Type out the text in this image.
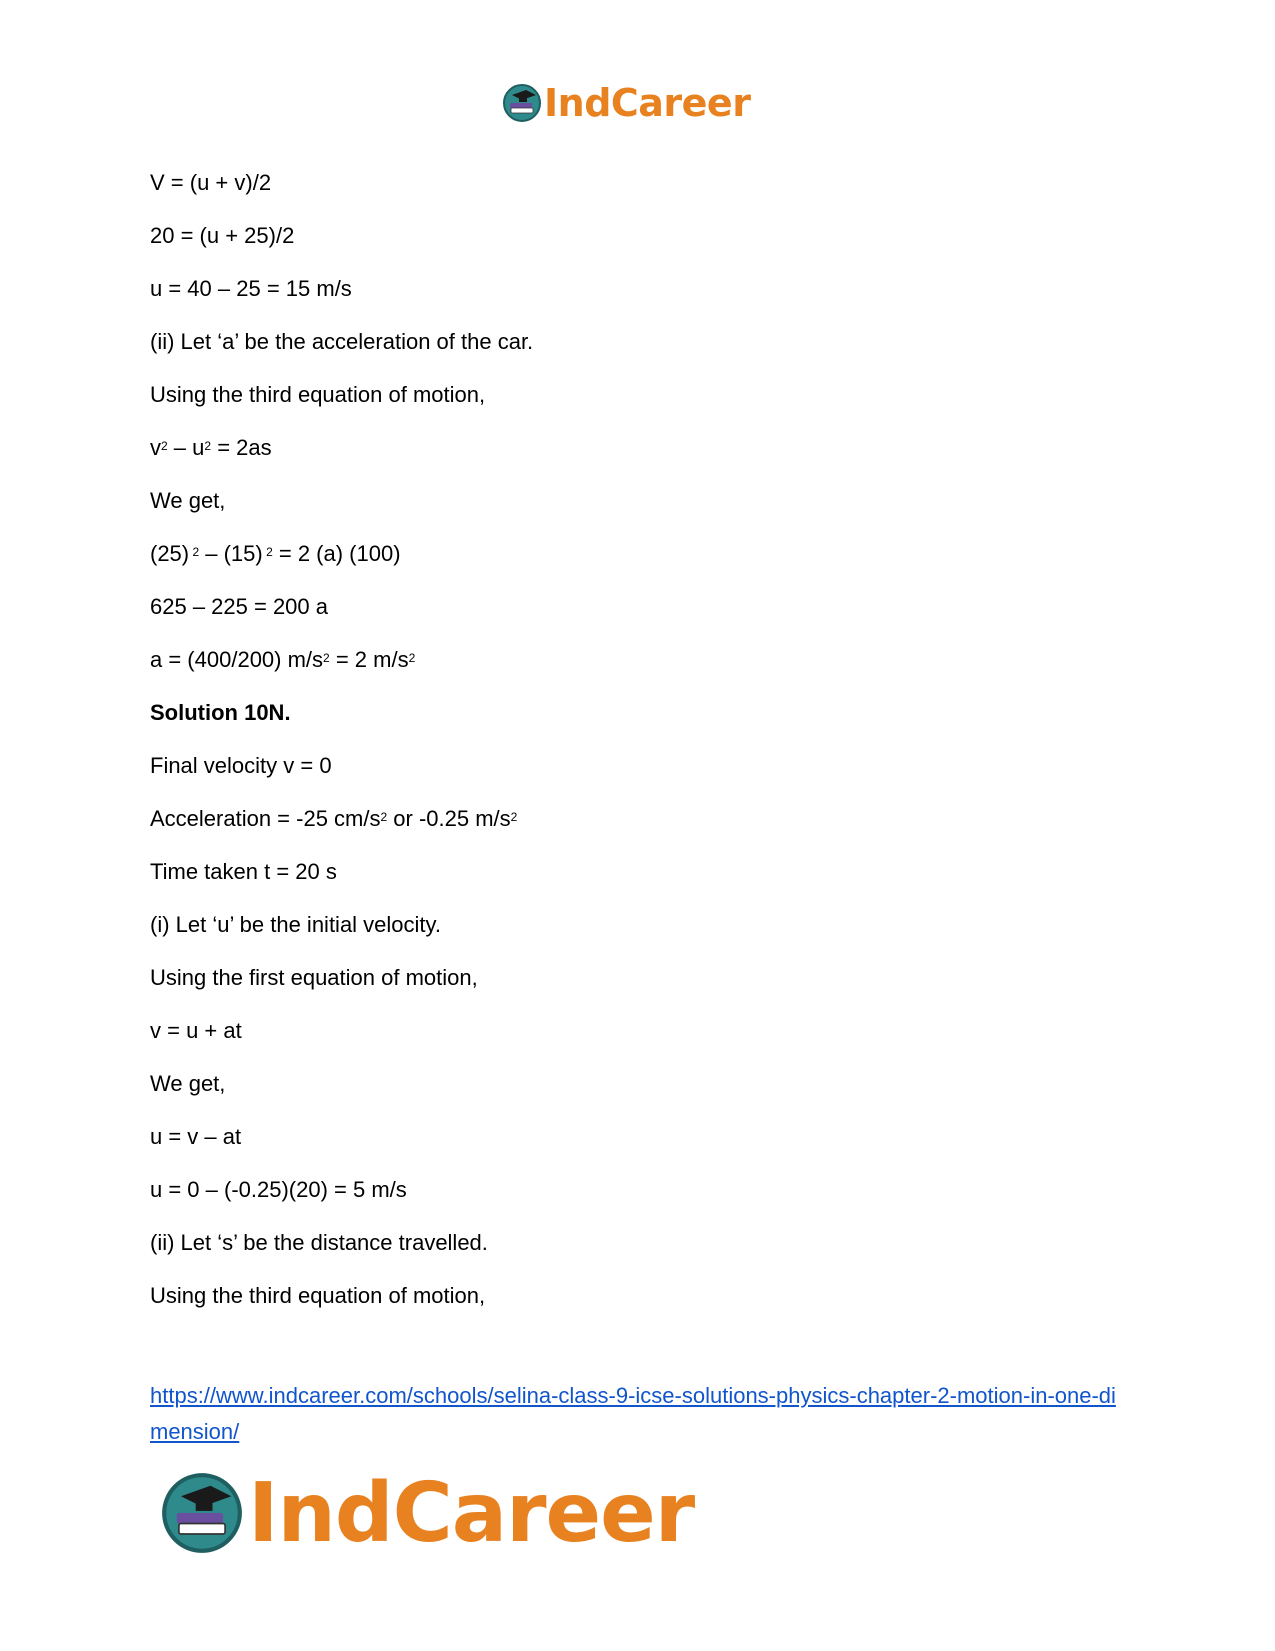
IndCareer
V = (u + v)/2
20 = (u + 25)/2
u = 40 – 25 = 15 m/s
(ii) Let ‘a’ be the acceleration of the car.
Using the third equation of motion,
$v^2 - u^2 = 2as$
We get,
(25) $^2$ – (15) $^2$ = 2 (a) (100)
625 – 225 = 200 a
a = (400/200) $m/s^2 = 2$ $m/s^2$
Solution 10N.
Final velocity v = 0
Acceleration = -25 $cm/s^2$ or -0.25 $m/s^2$
Time taken t = 20 s
(i) Let ‘u’ be the initial velocity.
Using the first equation of motion,
v = u + at
We get,
u = v – at
u = 0 – (-0.25)(20) = 5 m/s
(ii) Let ‘s’ be the distance travelled.
Using the third equation of motion,
https://www.indcareer.com/schools/selina-class-9-icse-solutions-physics-chapter-2-motion-in-one-dimension/
IndCareer
